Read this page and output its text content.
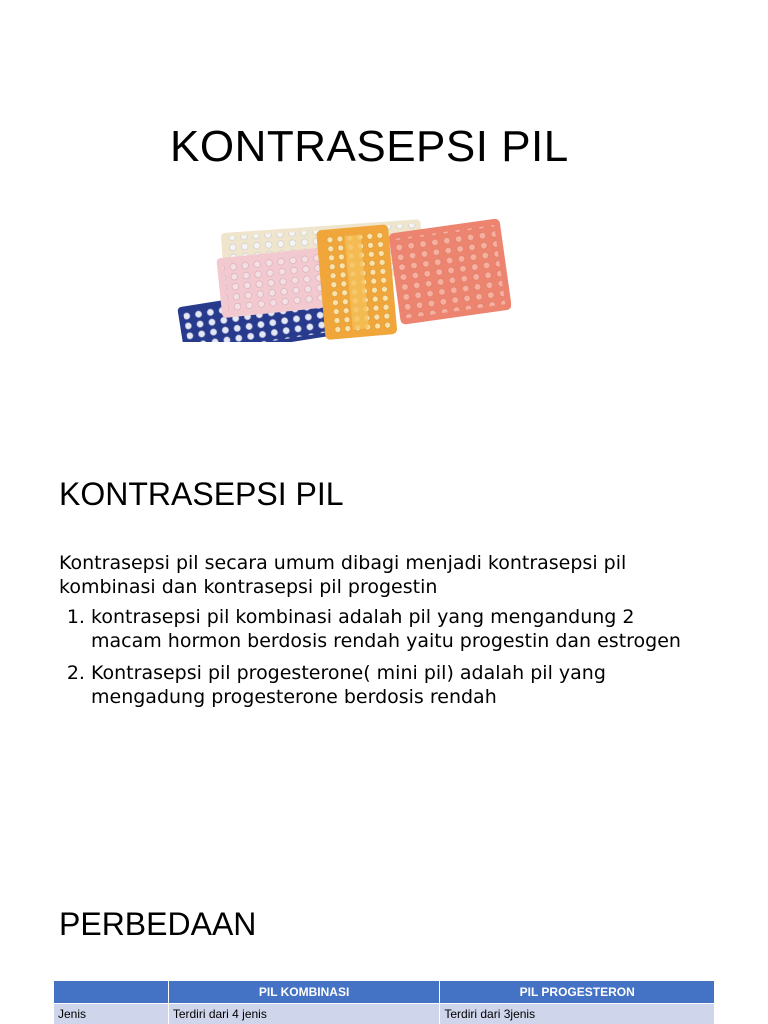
KONTRASEPSI PIL
KONTRASEPSI PIL

Kontrasepsi pil secara umum dibagi menjadi kontrasepsi pil kombinasi dan kontrasepsi pil progestin

1. kontrasepsi pil kombinasi adalah pil yang mengandung 2 macam hormon berdosis rendah yaitu progestin dan estrogen
2. Kontrasepsi pil progesterone( mini pil) adalah pil yang mengadung progesterone berdosis rendah
PERBEDAAN
	PIL KOMBINASI	PIL PROGESTERON
Jenis	Terdiri dari 4 jenis	Terdiri dari 3jenis
